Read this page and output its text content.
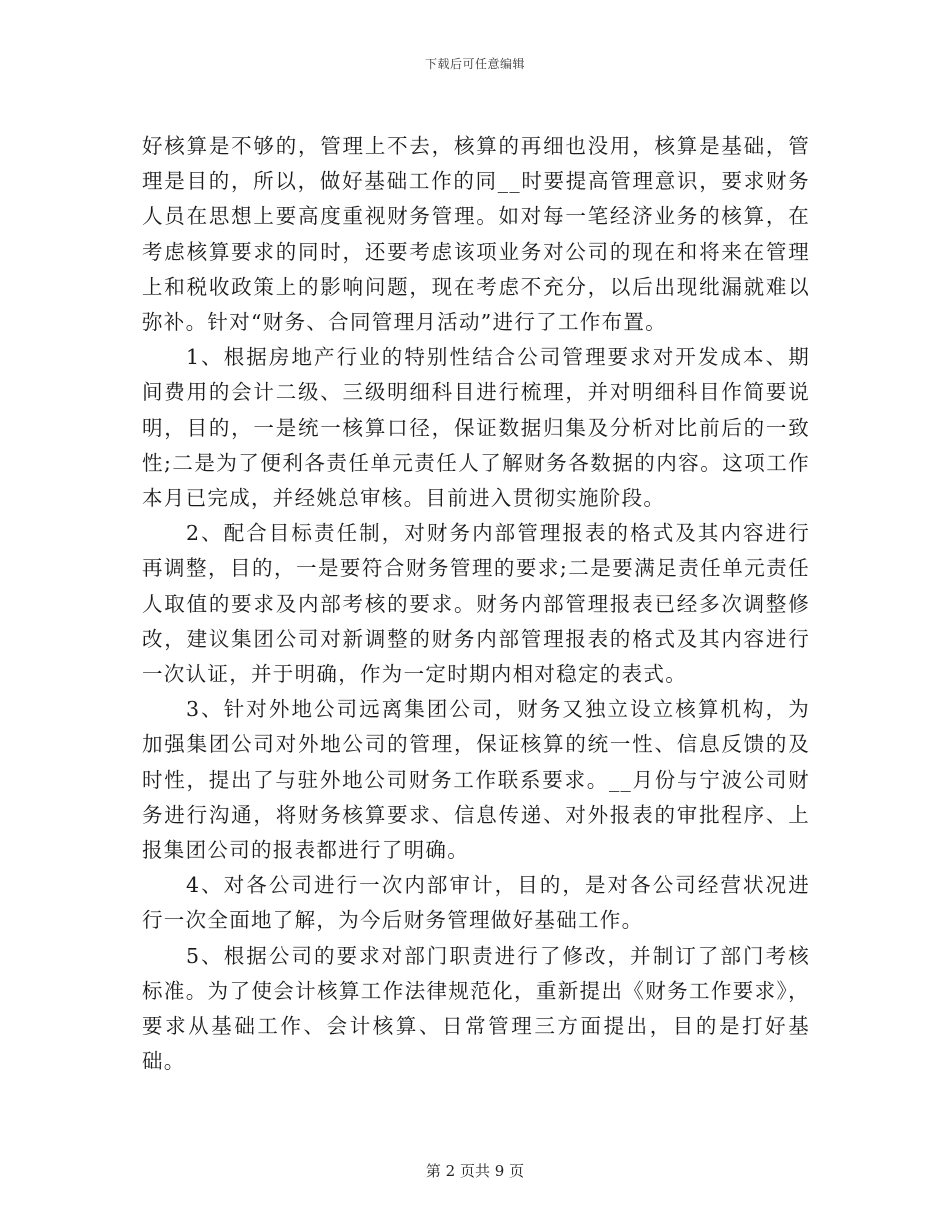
下载后可任意编辑

好核算是不够的，管理上不去，核算的再细也没用，核算是基础，管理是目的，所以，做好基础工作的同__时要提高管理意识，要求财务人员在思想上要高度重视财务管理。如对每一笔经济业务的核算，在考虑核算要求的同时，还要考虑该项业务对公司的现在和将来在管理上和税收政策上的影响问题，现在考虑不充分，以后出现纰漏就难以弥补。针对“财务、合同管理月活动”进行了工作布置。

1、根据房地产行业的特别性结合公司管理要求对开发成本、期间费用的会计二级、三级明细科目进行梳理，并对明细科目作简要说明，目的，一是统一核算口径，保证数据归集及分析对比前后的一致性;二是为了便利各责任单元责任人了解财务各数据的内容。这项工作本月已完成，并经姚总审核。目前进入贯彻实施阶段。

2、配合目标责任制，对财务内部管理报表的格式及其内容进行再调整，目的，一是要符合财务管理的要求;二是要满足责任单元责任人取值的要求及内部考核的要求。财务内部管理报表已经多次调整修改，建议集团公司对新调整的财务内部管理报表的格式及其内容进行一次认证，并于明确，作为一定时期内相对稳定的表式。

3、针对外地公司远离集团公司，财务又独立设立核算机构，为加强集团公司对外地公司的管理，保证核算的统一性、信息反馈的及时性，提出了与驻外地公司财务工作联系要求。__月份与宁波公司财务进行沟通，将财务核算要求、信息传递、对外报表的审批程序、上报集团公司的报表都进行了明确。

4、对各公司进行一次内部审计，目的，是对各公司经营状况进行一次全面地了解，为今后财务管理做好基础工作。

5、根据公司的要求对部门职责进行了修改，并制订了部门考核标准。为了使会计核算工作法律规范化，重新提出《财务工作要求》，要求从基础工作、会计核算、日常管理三方面提出，目的是打好基础。

第 2 页共 9 页
